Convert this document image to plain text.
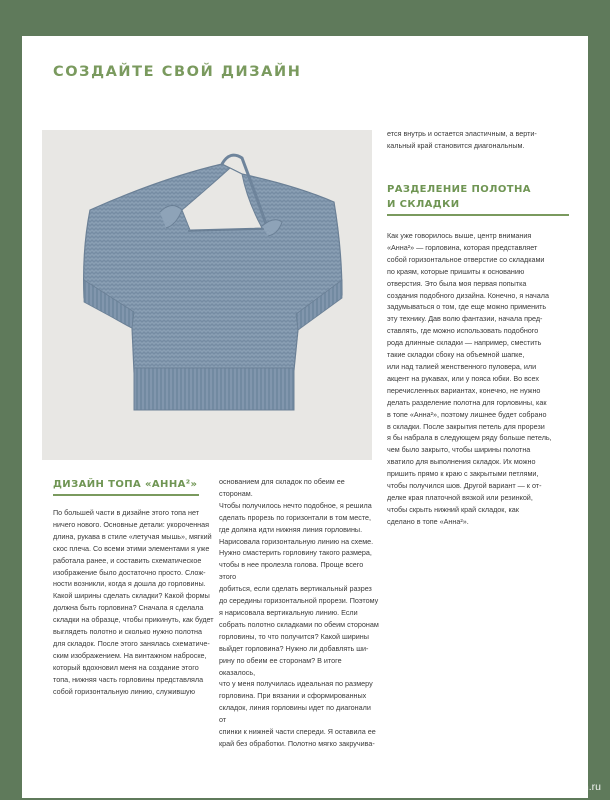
СОЗДАЙТЕ СВОЙ ДИЗАЙН

ется внутрь и остается эластичным, а верти-
кальный край становится диагональным.

РАЗДЕЛЕНИЕ ПОЛОТНА
И СКЛАДКИ

Как уже говорилось выше, центр внимания
«Анна²» — горловина, которая представляет
собой горизонтальное отверстие со складками
по краям, которые пришиты к основанию
отверстия. Это была моя первая попытка
создания подобного дизайна. Конечно, я начала
задумываться о том, где еще можно применить
эту технику. Дав волю фантазии, начала пред-
ставлять, где можно использовать подобного
рода длинные складки — например, сместить
такие складки сбоку на объемной шапке,
или над талией женственного пуловера, или
акцент на рукавах, или у пояса юбки. Во всех
перечисленных вариантах, конечно, не нужно
делать разделение полотна для горловины, как
в топе «Анна²», поэтому лишнее будет собрано
в складки. После закрытия петель для прорези
я бы набрала в следующем ряду больше петель,
чем было закрыто, чтобы ширины полотна
хватило для выполнения складок. Их можно
пришить прямо к краю с закрытыми петлями,
чтобы получился шов. Другой вариант — к от-
делке края платочной вязкой или резинкой,
чтобы скрыть нижний край складок, как
сделано в топе «Анна²».

ДИЗАЙН ТОПА «АННА²»

По большей части в дизайне этого топа нет
ничего нового. Основные детали: укороченная
длина, рукава в стиле «летучая мышь», мягкий
скос плеча. Со всеми этими элементами я уже
работала ранее, и составить схематическое
изображение было достаточно просто. Слож-
ности возникли, когда я дошла до горловины.
Какой ширины сделать складки? Какой формы
должна быть горловина? Сначала я сделала
складки на образце, чтобы прикинуть, как будет
выглядеть полотно и сколько нужно полотна
для складок. После этого занялась схематиче-
ским изображением. На винтажном наброске,
который вдохновил меня на создание этого
топа, нижняя часть горловины представляла
собой горизонтальную линию, служившую

основанием для складок по обеим ее сторонам.
Чтобы получилось нечто подобное, я решила
сделать прорезь по горизонтали в том месте,
где должна идти нижняя линия горловины.
Нарисовала горизонтальную линию на схеме.
Нужно смастерить горловину такого размера,
чтобы в нее пролезла голова. Проще всего этого
добиться, если сделать вертикальный разрез
до середины горизонтальной прорези. Поэтому
я нарисовала вертикальную линию. Если
собрать полотно складками по обеим сторонам
горловины, то что получится? Какой ширины
выйдет горловина? Нужно ли добавлять ши-
рину по обеим ее сторонам? В итоге оказалось,
что у меня получилась идеальная по размеру
горловина. При вязании и сформированных
складок, линия горловины идет по диагонали от
спинки к нижней части спереди. Я оставила ее
край без обработки. Полотно мягко закручива-

PassionForum.ru
